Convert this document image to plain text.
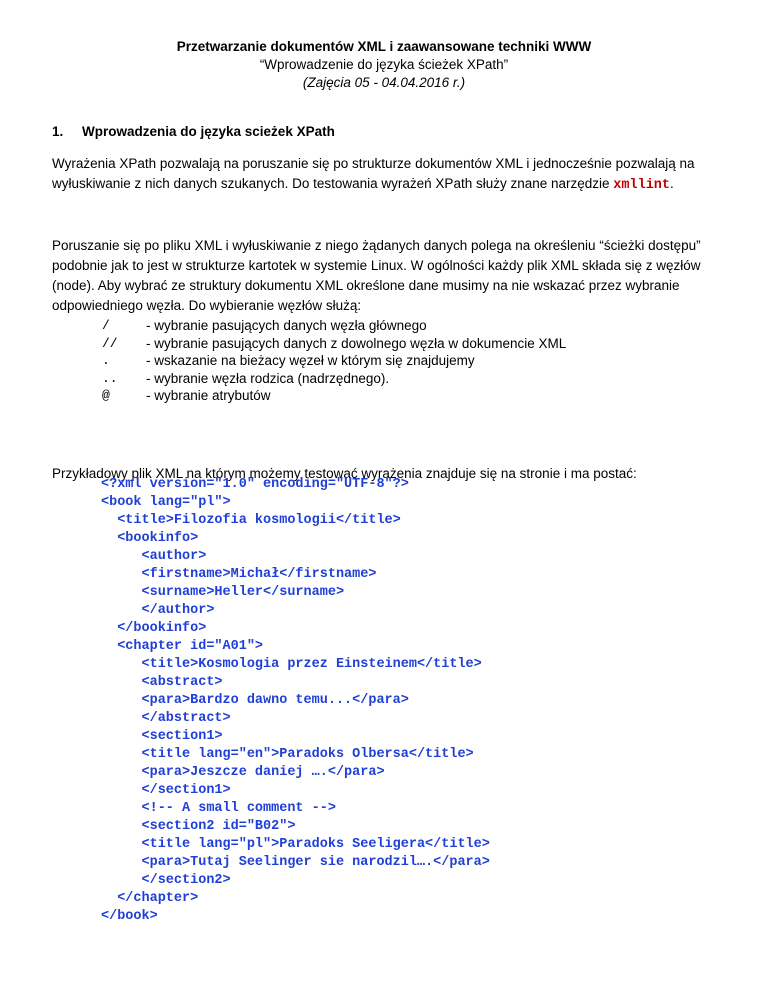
Przetwarzanie dokumentów XML i zaawansowane techniki WWW
“Wprowadzenie do języka ścieżek XPath”
(Zajęcia 05 - 04.04.2016 r.)
1. Wprowadzenia do języka scieżek XPath
Wyrażenia XPath pozwalają na poruszanie się po strukturze dokumentów XML i jednocześnie pozwalają na wyłuskiwanie z nich danych szukanych. Do testowania wyrażeń XPath służy znane narzędzie xmllint.
Poruszanie się po pliku XML i wyłuskiwanie z niego żądanych danych polega na określeniu “ścieżki dostępu” podobnie jak to jest w strukturze kartotek w systemie Linux. W ogólności każdy plik XML składa się z węzłów (node). Aby wybrać ze struktury dokumentu XML określone dane musimy na nie wskazać przez wybranie odpowiedniego węzła. Do wybieranie węzłów służą:
/	- wybranie pasujących danych węzła głównego
//	- wybranie pasujących danych z dowolnego węzła w dokumencie XML
.	- wskazanie na bieżacy węzeł w którym się znajdujemy
..	- wybranie węzła rodzica (nadrzędnego).
@	- wybranie atrybutów
Przykładowy plik XML na którym możemy testować wyrażenia znajduje się na stronie i ma postać:
<?xml version="1.0" encoding="UTF-8"?>
<book lang="pl">
<title>Filozofia kosmologii</title>
<bookinfo>
<author>
<firstname>Michał</firstname>
<surname>Heller</surname>
</author>
</bookinfo>
<chapter id="A01">
<title>Kosmologia przez Einsteinem</title>
<abstract>
<para>Bardzo dawno temu...</para>
</abstract>
<section1>
<title lang="en">Paradoks Olbersa</title>
<para>Jeszcze daniej ….</para>
</section1>
<!-- A small comment -->
<section2 id="B02">
<title lang="pl">Paradoks Seeligera</title>
<para>Tutaj Seelinger sie narodzil….</para>
</section2>
</chapter>
</book>
